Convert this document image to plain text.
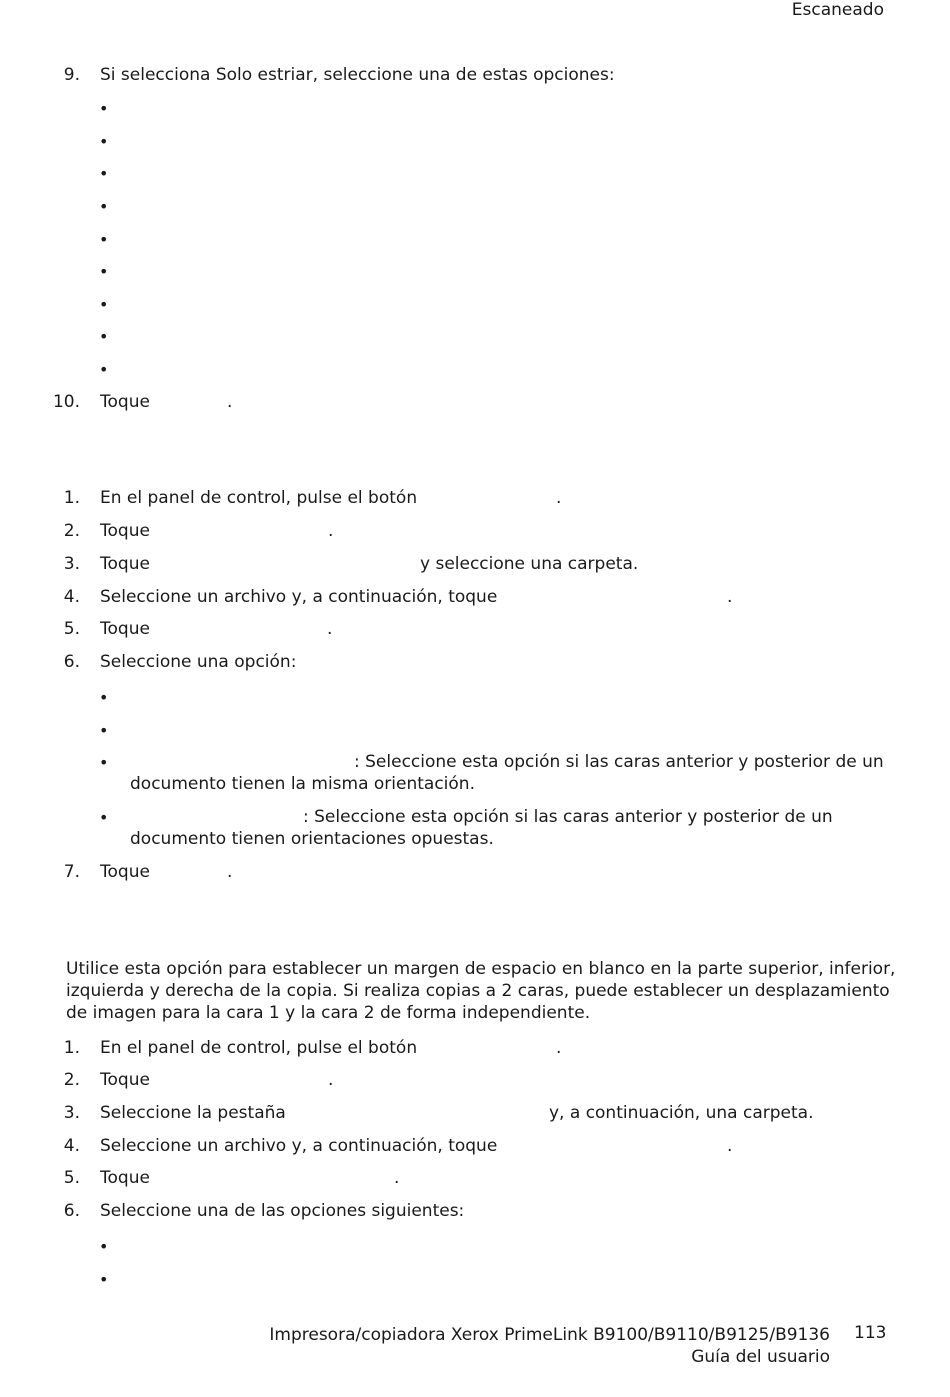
Escaneado
9. Si selecciona Solo estriar, seleccione una de estas opciones:
•
•
•
•
•
•
•
•
•
10. Toque	.
1. En el panel de control, pulse el botón	.
2. Toque	.
3. Toque	y seleccione una carpeta.
4. Seleccione un archivo y, a continuación, toque	.
5. Toque	.
6. Seleccione una opción:
•
•
•	: Seleccione esta opción si las caras anterior y posterior de un
documento tienen la misma orientación.
•	: Seleccione esta opción si las caras anterior y posterior de un
documento tienen orientaciones opuestas.
7. Toque	.
Utilice esta opción para establecer un margen de espacio en blanco en la parte superior, inferior,
izquierda y derecha de la copia. Si realiza copias a 2 caras, puede establecer un desplazamiento
de imagen para la cara 1 y la cara 2 de forma independiente.
1. En el panel de control, pulse el botón	.
2. Toque	.
3. Seleccione la pestaña	y, a continuación, una carpeta.
4. Seleccione un archivo y, a continuación, toque	.
5. Toque	.
6. Seleccione una de las opciones siguientes:
•
•
Impresora/copiadora Xerox PrimeLink B9100/B9110/B9125/B9136
Guía del usuario
113
